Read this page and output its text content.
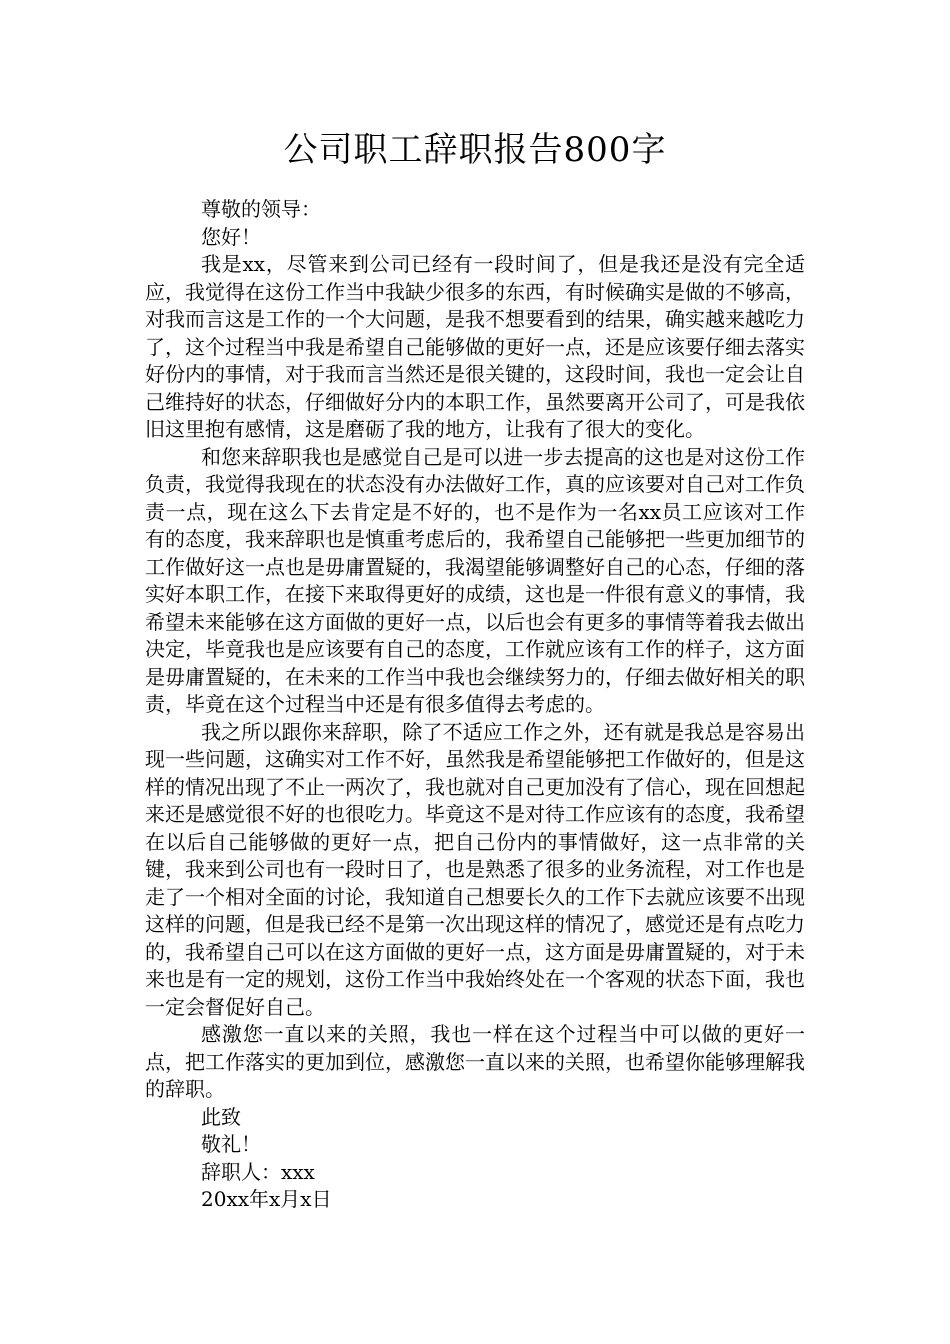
公司职工辞职报告800字

尊敬的领导：

您好！

我是xx，尽管来到公司已经有一段时间了，但是我还是没有完全适应，我觉得在这份工作当中我缺少很多的东西，有时候确实是做的不够高，对我而言这是工作的一个大问题，是我不想要看到的结果，确实越来越吃力了，这个过程当中我是希望自己能够做的更好一点，还是应该要仔细去落实好份内的事情，对于我而言当然还是很关键的，这段时间，我也一定会让自己维持好的状态，仔细做好分内的本职工作，虽然要离开公司了，可是我依旧这里抱有感情，这是磨砺了我的地方，让我有了很大的变化。

和您来辞职我也是感觉自己是可以进一步去提高的这也是对这份工作负责，我觉得我现在的状态没有办法做好工作，真的应该要对自己对工作负责一点，现在这么下去肯定是不好的，也不是作为一名xx员工应该对工作有的态度，我来辞职也是慎重考虑后的，我希望自己能够把一些更加细节的工作做好这一点也是毋庸置疑的，我渴望能够调整好自己的心态，仔细的落实好本职工作，在接下来取得更好的成绩，这也是一件很有意义的事情，我希望未来能够在这方面做的更好一点，以后也会有更多的事情等着我去做出决定，毕竟我也是应该要有自己的态度，工作就应该有工作的样子，这方面是毋庸置疑的，在未来的工作当中我也会继续努力的，仔细去做好相关的职责，毕竟在这个过程当中还是有很多值得去考虑的。

我之所以跟你来辞职，除了不适应工作之外，还有就是我总是容易出现一些问题，这确实对工作不好，虽然我是希望能够把工作做好的，但是这样的情况出现了不止一两次了，我也就对自己更加没有了信心，现在回想起来还是感觉很不好的也很吃力。毕竟这不是对待工作应该有的态度，我希望在以后自己能够做的更好一点，把自己份内的事情做好，这一点非常的关键，我来到公司也有一段时日了，也是熟悉了很多的业务流程，对工作也是走了一个相对全面的讨论，我知道自己想要长久的工作下去就应该要不出现这样的问题，但是我已经不是第一次出现这样的情况了，感觉还是有点吃力的，我希望自己可以在这方面做的更好一点，这方面是毋庸置疑的，对于未来也是有一定的规划，这份工作当中我始终处在一个客观的状态下面，我也一定会督促好自己。

感激您一直以来的关照，我也一样在这个过程当中可以做的更好一点，把工作落实的更加到位，感激您一直以来的关照，也希望你能够理解我的辞职。

此致

敬礼！

辞职人：xxx

20xx年x月x日
